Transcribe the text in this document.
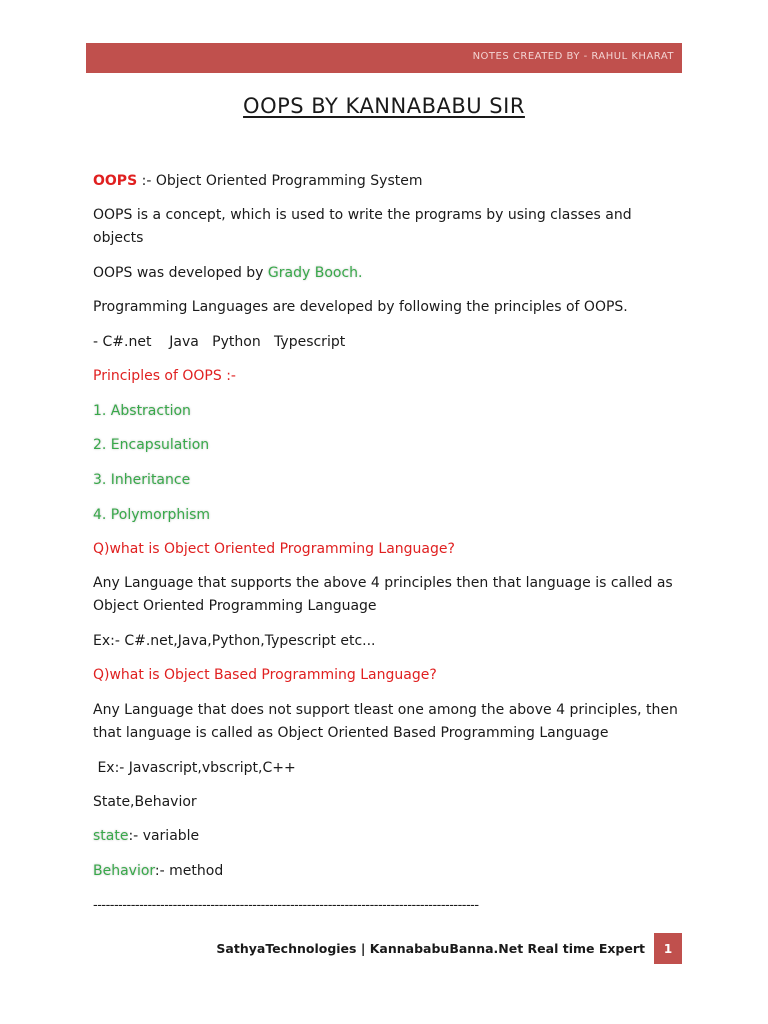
NOTES CREATED BY - RAHUL KHARAT
OOPS BY KANNABABU SIR
OOPS :- Object Oriented Programming System
OOPS is a concept, which is used to write the programs by using classes and objects
OOPS was developed by Grady Booch.
Programming Languages are developed by following the principles of OOPS.
- C#.net    Java   Python   Typescript
Principles of OOPS :-
1. Abstraction
2. Encapsulation
3. Inheritance
4. Polymorphism
Q)what is Object Oriented Programming Language?
Any Language that supports the above 4 principles then that language is called as Object Oriented Programming Language
Ex:- C#.net,Java,Python,Typescript etc...
Q)what is Object Based Programming Language?
Any Language that does not support tleast one among the above 4 principles, then that language is called as Object Oriented Based Programming Language
Ex:- Javascript,vbscript,C++
State,Behavior
state:- variable
Behavior:- method
--------------------------------------------------------------------------------------------
SathyaTechnologies | KannababuBanna.Net Real time Expert	1
